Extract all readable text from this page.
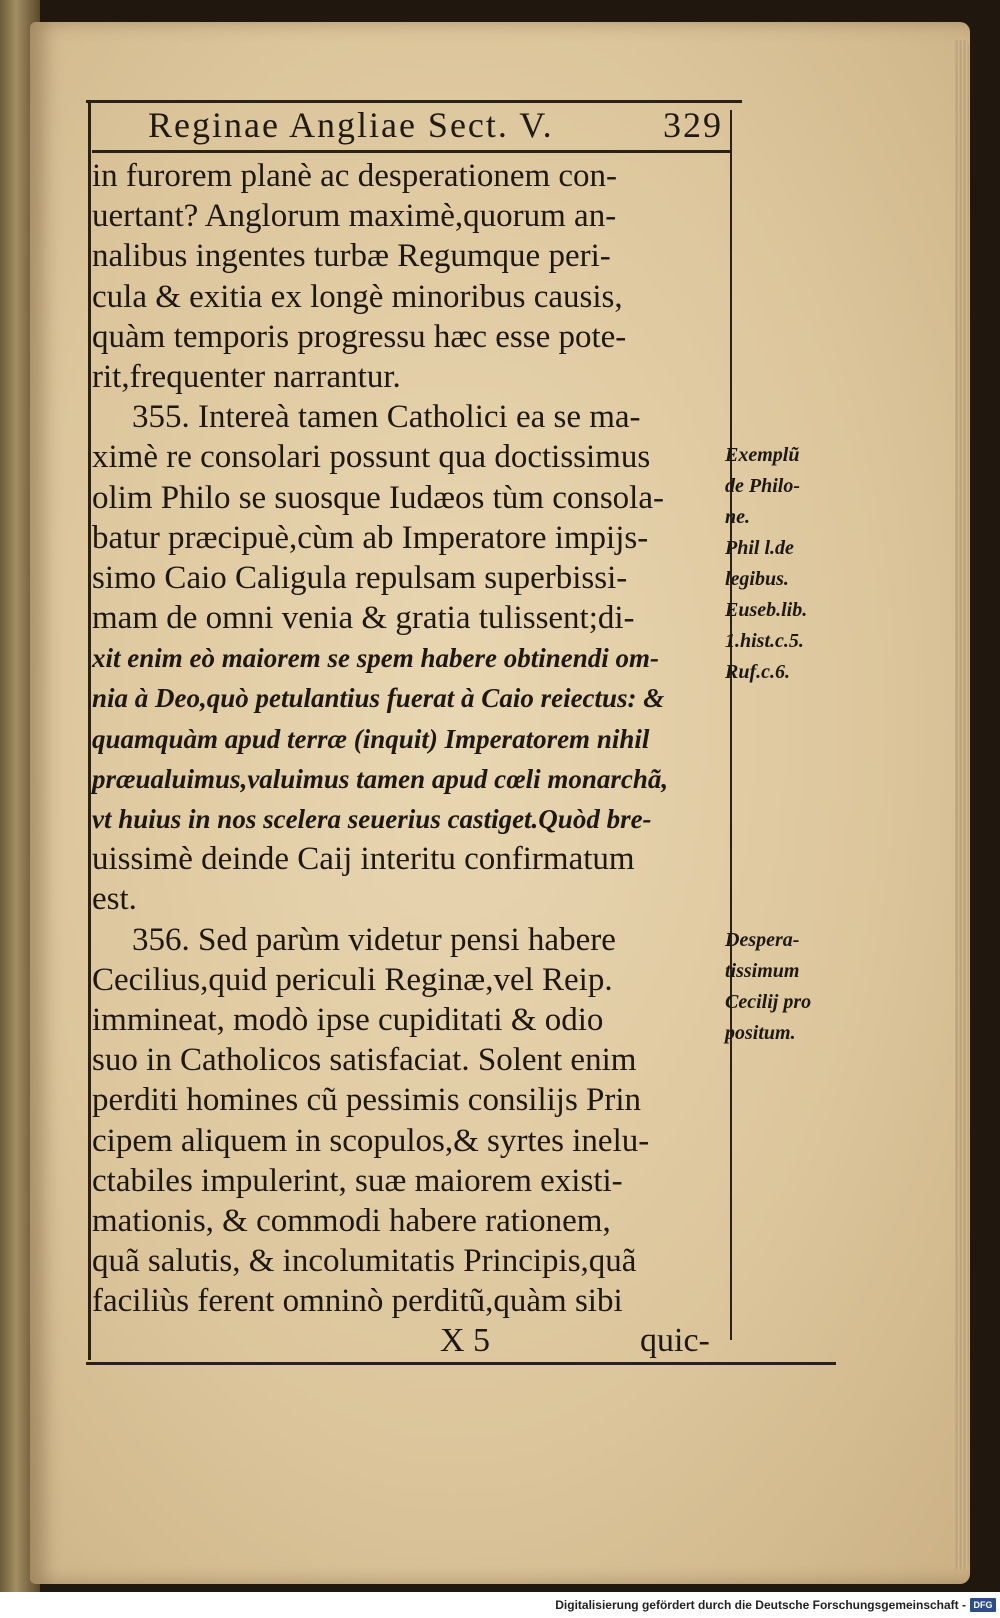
Reginae Angliae Sect. V.	329
in furorem planè ac desperationem con-
uertant? Anglorum maximè,quorum an-
nalibus ingentes turbæ Regumque peri-
cula & exitia ex longè minoribus causis,
quàm temporis progressu hæc esse pote-
rit,frequenter narrantur.
355. Intereà tamen Catholici ea se ma-
ximè re consolari possunt qua doctissimus
olim Philo se suosque Iudæos tùm consola-
batur præcipuè,cùm ab Imperatore impijs-
simo Caio Caligula repulsam superbissi-
mam de omni venia & gratia tulissent;di-
xit enim eò maiorem se spem habere obtinendi om-
nia à Deo,quò petulantius fuerat à Caio reiectus: &
quamquàm apud terræ (inquit) Imperatorem nihil
præualuimus,valuimus tamen apud cœli monarchã,
vt huius in nos scelera seuerius castiget.Quòd bre-
uissimè deinde Caij interitu confirmatum
est.
356. Sed parùm videtur pensi habere
Cecilius,quid periculi Reginæ,vel Reip.
immineat, modò ipse cupiditati & odio
suo in Catholicos satisfaciat. Solent enim
perditi homines cũ pessimis consilijs Prin
cipem aliquem in scopulos,& syrtes inelu-
ctabiles impulerint, suæ maiorem existi-
mationis, & commodi habere rationem,
quã salutis, & incolumitatis Principis,quã
faciliùs ferent omninò perditũ,quàm sibi
Exemplũ
de Philo-
ne.
Phil l.de
legibus.
Euseb.lib.
1.hist.c.5.
Ruf.c.6.
Despera-
tissimum
Cecilij pro
positum.
X 5	quic-
Digitalisierung gefördert durch die Deutsche Forschungsgemeinschaft - DFG
